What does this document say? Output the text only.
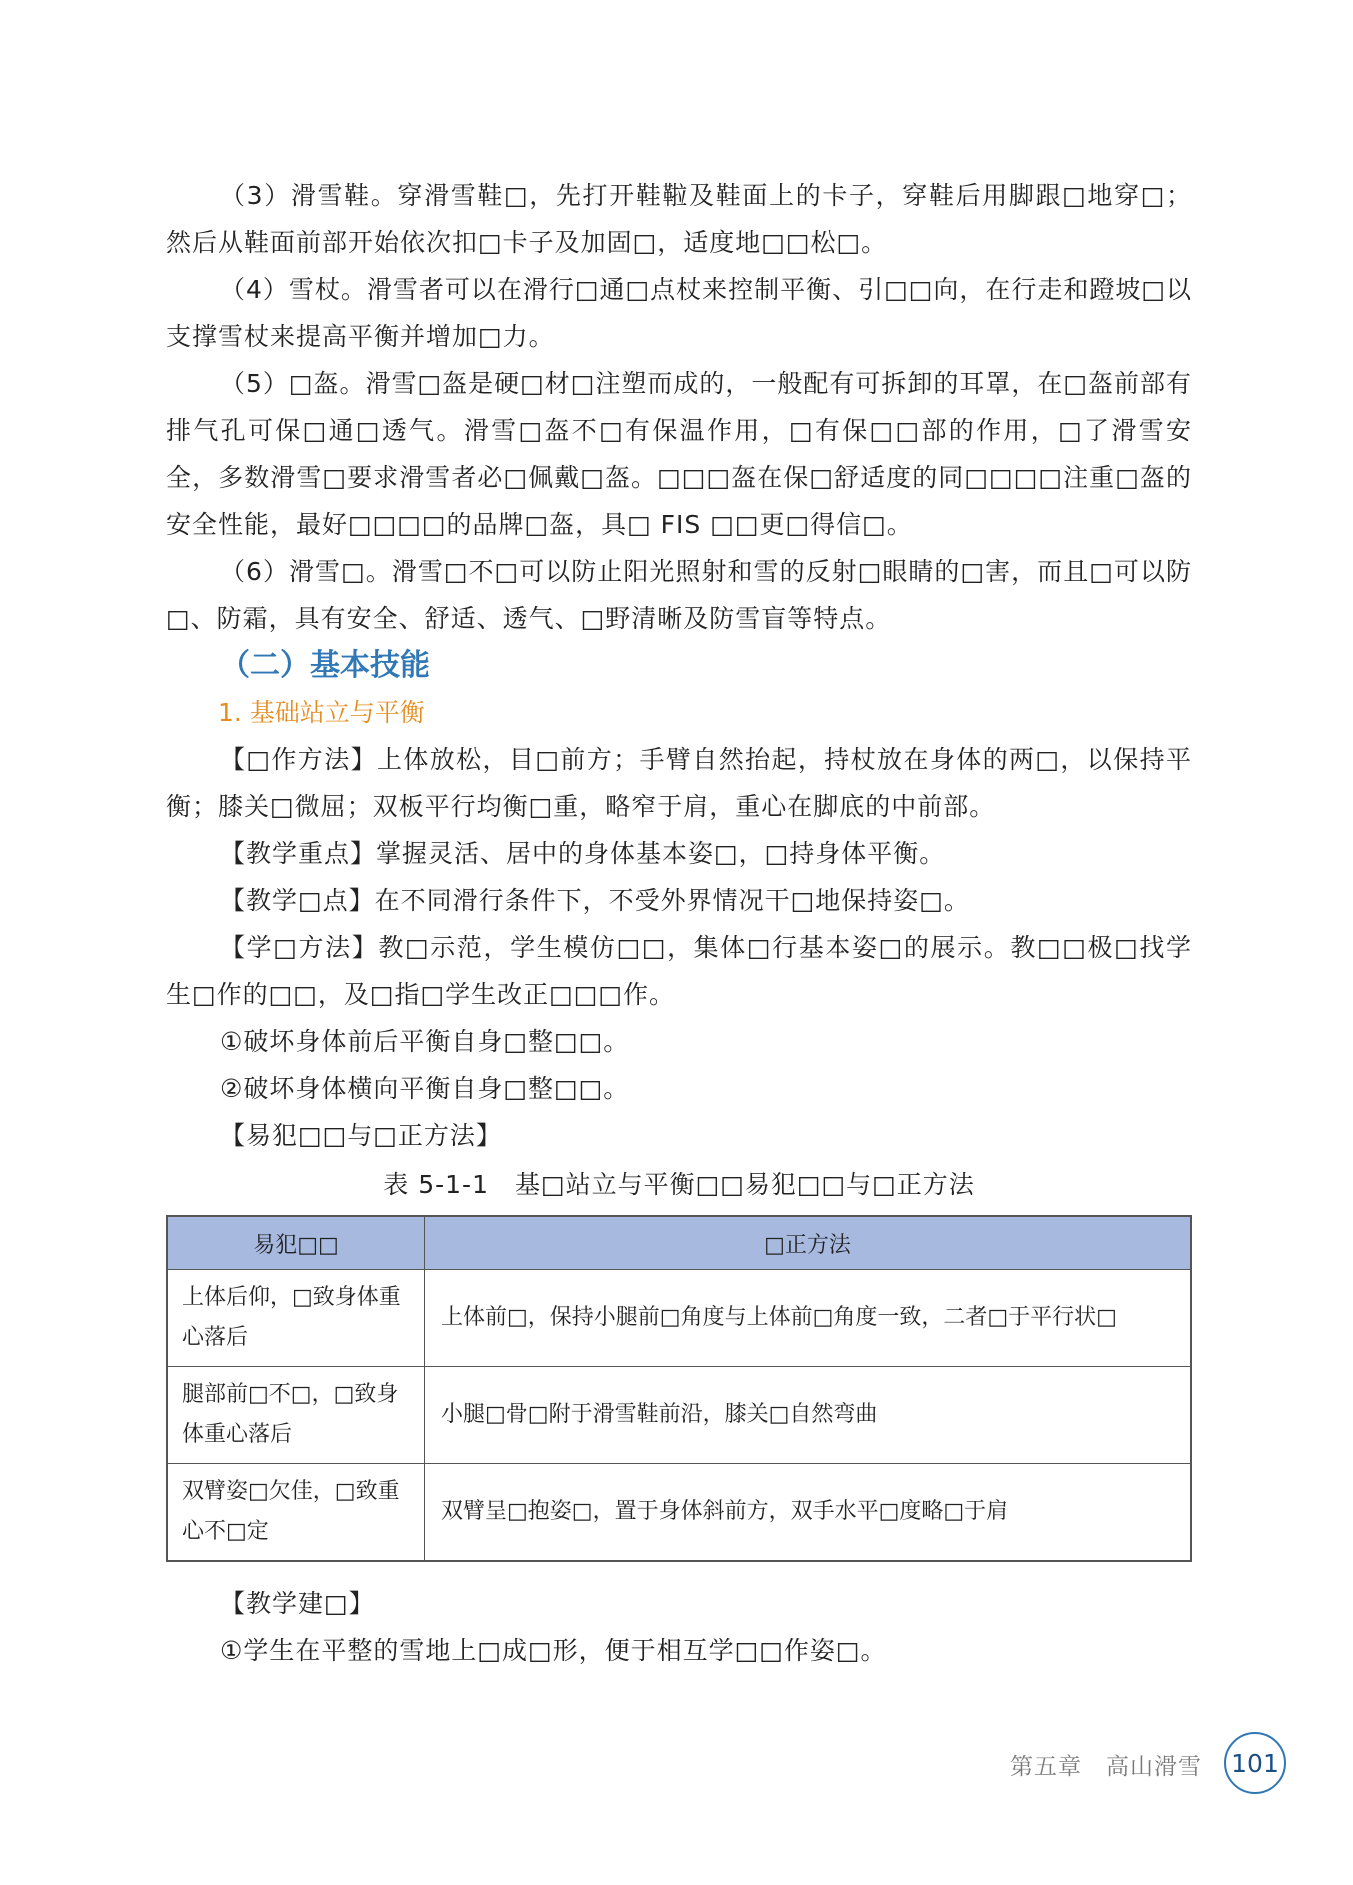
（3）滑雪鞋。穿滑雪鞋□，先打开鞋鞡及鞋面上的卡子，穿鞋后用脚跟□地穿□；然后从鞋面前部开始依次扣□卡子及加固□，适度地□□松□。

（4）雪杖。滑雪者可以在滑行□通□点杖来控制平衡、引□□向，在行走和蹬坡□以支撑雪杖来提高平衡并增加□力。

（5）□盔。滑雪□盔是硬□材□注塑而成的，一般配有可拆卸的耳罩，在□盔前部有排气孔可保□通□透气。滑雪□盔不□有保温作用，□有保□□部的作用，□了滑雪安全，多数滑雪□要求滑雪者必□佩戴□盔。□□□盔在保□舒适度的同□□□□注重□盔的安全性能，最好□□□□的品牌□盔，具□ FIS □□更□得信□。

（6）滑雪□。滑雪□不□可以防止阳光照射和雪的反射□眼睛的□害，而且□可以防□、防霜，具有安全、舒适、透气、□野清晰及防雪盲等特点。

（二）基本技能
1. 基础站立与平衡

【□作方法】上体放松，目□前方；手臂自然抬起，持杖放在身体的两□，以保持平衡；膝关□微屈；双板平行均衡□重，略窄于肩，重心在脚底的中前部。

【教学重点】掌握灵活、居中的身体基本姿□，□持身体平衡。

【教学□点】在不同滑行条件下，不受外界情况干□地保持姿□。

【学□方法】教□示范，学生模仿□□，集体□行基本姿□的展示。教□□极□找学生□作的□□，及□指□学生改正□□□作。

①破坏身体前后平衡自身□整□□。

②破坏身体横向平衡自身□整□□。

【易犯□□与□正方法】

表 5-1-1　基□站立与平衡□□易犯□□与□正方法
易犯□□	□正方法
上体后仰，□致身体重心落后	上体前□，保持小腿前□角度与上体前□角度一致，二者□于平行状□
腿部前□不□，□致身体重心落后	小腿□骨□附于滑雪鞋前沿，膝关□自然弯曲
双臂姿□欠佳，□致重心不□定	双臂呈□抱姿□，置于身体斜前方，双手水平□度略□于肩

【教学建□】

①学生在平整的雪地上□成□形，便于相互学□□作姿□。

第五章　高山滑雪 101
